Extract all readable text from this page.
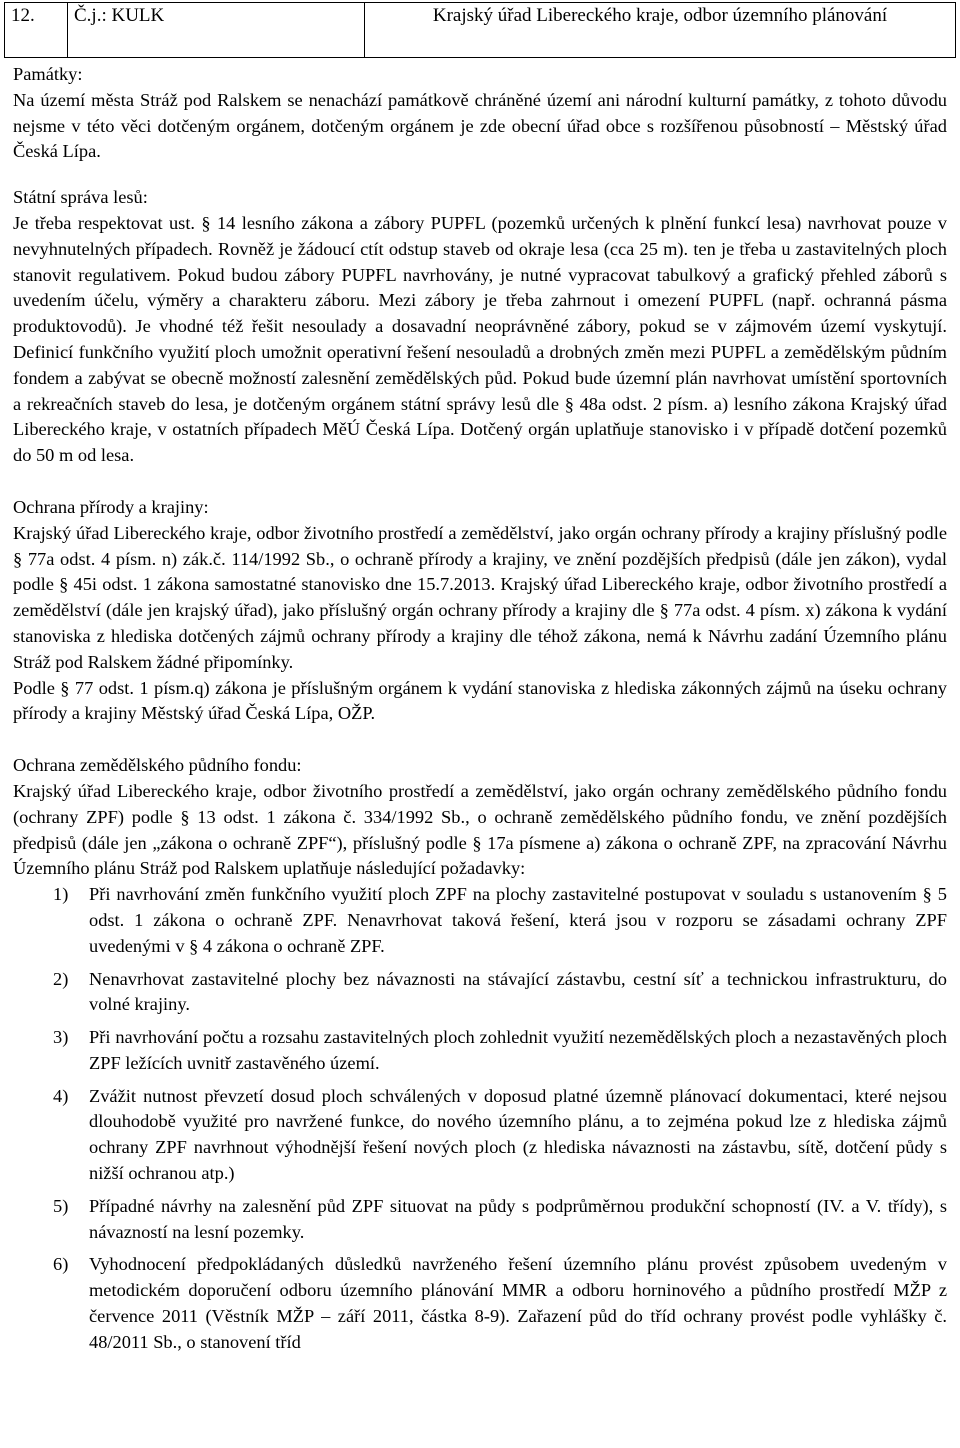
12.	Č.j.: KULK	Krajský úřad Libereckého kraje, odbor územního plánování

Památky:

Na území města Stráž pod Ralskem se nenachází památkově chráněné území ani národní kulturní památky, z tohoto důvodu nejsme v této věci dotčeným orgánem, dotčeným orgánem je zde obecní úřad obce s rozšířenou působností – Městský úřad Česká Lípa.

Státní správa lesů:

Je třeba respektovat ust. § 14 lesního zákona a zábory PUPFL (pozemků určených k plnění funkcí lesa) navrhovat pouze v nevyhnutelných případech. Rovněž je žádoucí ctít odstup staveb od okraje lesa (cca 25 m). ten je třeba u zastavitelných ploch stanovit regulativem. Pokud budou zábory PUPFL navrhovány, je nutné vypracovat tabulkový a grafický přehled záborů s uvedením účelu, výměry a charakteru záboru. Mezi zábory je třeba zahrnout i omezení PUPFL (např. ochranná pásma produktovodů). Je vhodné též řešit nesoulady a dosavadní neoprávněné zábory, pokud se v zájmovém území vyskytují. Definicí funkčního využití ploch umožnit operativní řešení nesouladů a drobných změn mezi PUPFL a zemědělským půdním fondem a zabývat se obecně možností zalesnění zemědělských půd. Pokud bude územní plán navrhovat umístění sportovních a rekreačních staveb do lesa, je dotčeným orgánem státní správy lesů dle § 48a odst. 2 písm. a) lesního zákona Krajský úřad Libereckého kraje, v ostatních případech MěÚ Česká Lípa. Dotčený orgán uplatňuje stanovisko i v případě dotčení pozemků do 50 m od lesa.

Ochrana přírody a krajiny:

Krajský úřad Libereckého kraje, odbor životního prostředí a zemědělství, jako orgán ochrany přírody a krajiny příslušný podle § 77a odst. 4 písm. n) zák.č. 114/1992 Sb., o ochraně přírody a krajiny, ve znění pozdějších předpisů (dále jen zákon), vydal podle § 45i odst. 1 zákona samostatné stanovisko dne 15.7.2013. Krajský úřad Libereckého kraje, odbor životního prostředí a zemědělství (dále jen krajský úřad), jako příslušný orgán ochrany přírody a krajiny dle § 77a odst. 4 písm. x) zákona k vydání stanoviska z hlediska dotčených zájmů ochrany přírody a krajiny dle téhož zákona, nemá k Návrhu zadání Územního plánu Stráž pod Ralskem žádné připomínky.

Podle § 77 odst. 1 písm.q) zákona je příslušným orgánem k vydání stanoviska z hlediska zákonných zájmů na úseku ochrany přírody a krajiny Městský úřad Česká Lípa, OŽP.

Ochrana zemědělského půdního fondu:

Krajský úřad Libereckého kraje, odbor životního prostředí a zemědělství, jako orgán ochrany zemědělského půdního fondu (ochrany ZPF) podle § 13 odst. 1 zákona č. 334/1992 Sb., o ochraně zemědělského půdního fondu, ve znění pozdějších předpisů (dále jen „zákona o ochraně ZPF“), příslušný podle § 17a písmene a) zákona o ochraně ZPF, na zpracování Návrhu Územního plánu Stráž pod Ralskem uplatňuje následující požadavky:

1) Při navrhování změn funkčního využití ploch ZPF na plochy zastavitelné postupovat v souladu s ustanovením § 5 odst. 1 zákona o ochraně ZPF. Nenavrhovat taková řešení, která jsou v rozporu se zásadami ochrany ZPF uvedenými v § 4 zákona o ochraně ZPF.
2) Nenavrhovat zastavitelné plochy bez návaznosti na stávající zástavbu, cestní síť a technickou infrastrukturu, do volné krajiny.
3) Při navrhování počtu a rozsahu zastavitelných ploch zohlednit využití nezemědělských ploch a nezastavěných ploch ZPF ležících uvnitř zastavěného území.
4) Zvážit nutnost převzetí dosud ploch schválených v doposud platné územně plánovací dokumentaci, které nejsou dlouhodobě využité pro navržené funkce, do nového územního plánu, a to zejména pokud lze z hlediska zájmů ochrany ZPF navrhnout výhodnější řešení nových ploch (z hlediska návaznosti na zástavbu, sítě, dotčení půdy s nižší ochranou atp.)
5) Případné návrhy na zalesnění půd ZPF situovat na půdy s podprůměrnou produkční schopností (IV. a V. třídy), s návazností na lesní pozemky.
6) Vyhodnocení předpokládaných důsledků navrženého řešení územního plánu provést způsobem uvedeným v metodickém doporučení odboru územního plánování MMR a odboru horninového a půdního prostředí MŽP z července 2011 (Věstník MŽP – září 2011, částka 8-9). Zařazení půd do tříd ochrany provést podle vyhlášky č. 48/2011 Sb., o stanovení tříd
